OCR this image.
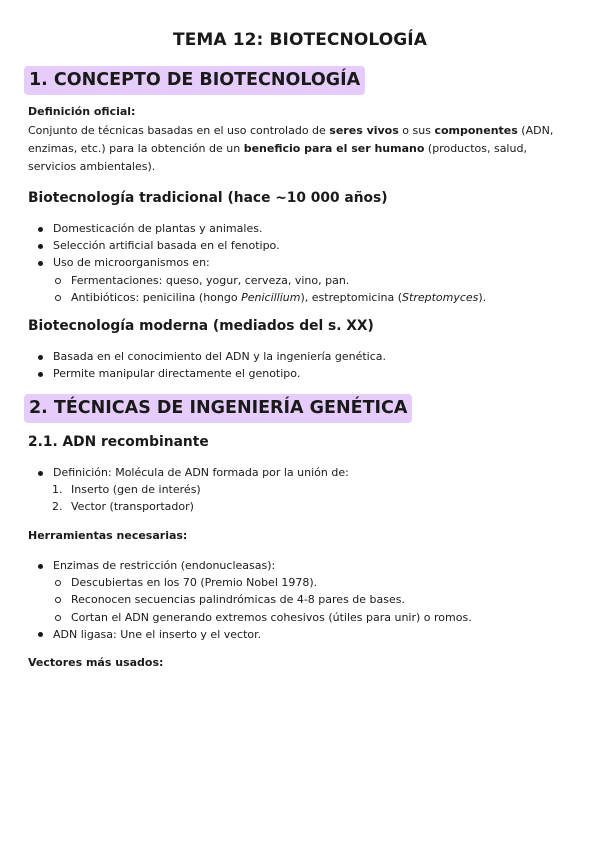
TEMA 12: BIOTECNOLOGÍA
1. CONCEPTO DE BIOTECNOLOGÍA
Definición oficial:

Conjunto de técnicas basadas en el uso controlado de seres vivos o sus componentes (ADN, enzimas, etc.) para la obtención de un beneficio para el ser humano (productos, salud, servicios ambientales).

Biotecnología tradicional (hace ~10 000 años)
Domesticación de plantas y animales.
Selección artificial basada en el fenotipo.
Uso de microorganismos en:
Fermentaciones: queso, yogur, cerveza, vino, pan.
Antibióticos: penicilina (hongo Penicillium), estreptomicina (Streptomyces).
Biotecnología moderna (mediados del s. XX)
Basada en el conocimiento del ADN y la ingeniería genética.
Permite manipular directamente el genotipo.
2. TÉCNICAS DE INGENIERÍA GENÉTICA
2.1. ADN recombinante
Definición: Molécula de ADN formada por la unión de:
1. Inserto (gen de interés)
2. Vector (transportador)
Herramientas necesarias:
Enzimas de restricción (endonucleasas):
Descubiertas en los 70 (Premio Nobel 1978).
Reconocen secuencias palindrómicas de 4-8 pares de bases.
Cortan el ADN generando extremos cohesivos (útiles para unir) o romos.
ADN ligasa: Une el inserto y el vector.
Vectores más usados:
